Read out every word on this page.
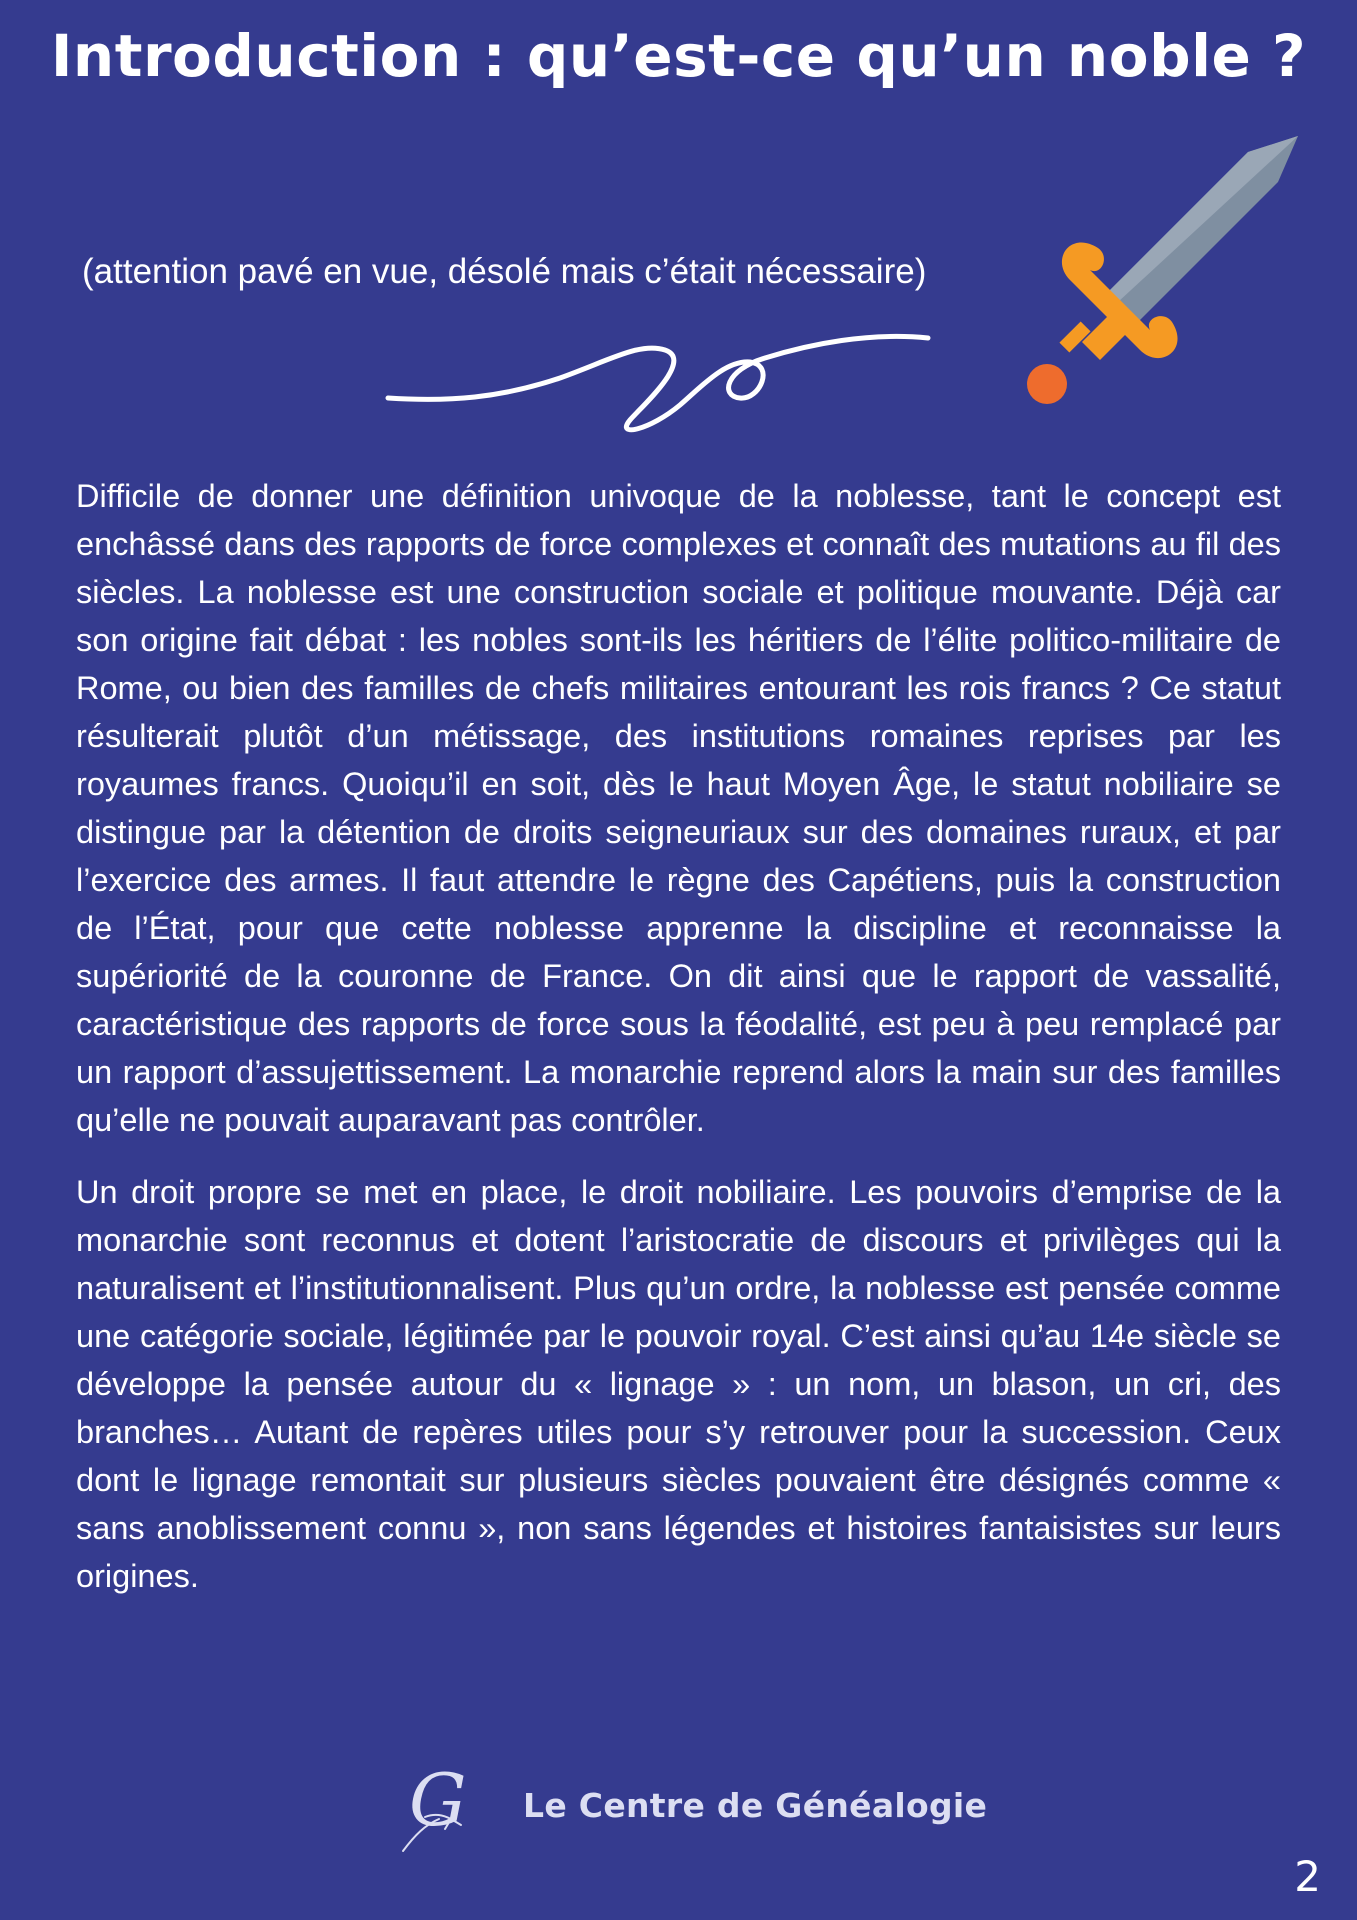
Introduction : qu’est-ce qu’un noble ?

(attention pavé en vue, désolé mais c’était nécessaire)

Difficile de donner une définition univoque de la noblesse, tant le concept est enchâssé dans des rapports de force complexes et connaît des mutations au fil des siècles. La noblesse est une construction sociale et politique mouvante. Déjà car son origine fait débat : les nobles sont-ils les héritiers de l’élite politico-militaire de Rome, ou bien des familles de chefs militaires entourant les rois francs ? Ce statut résulterait plutôt d’un métissage, des institutions romaines reprises par les royaumes francs. Quoiqu’il en soit, dès le haut Moyen Âge, le statut nobiliaire se distingue par la détention de droits seigneuriaux sur des domaines ruraux, et par l’exercice des armes. Il faut attendre le règne des Capétiens, puis la construction de l’État, pour que cette noblesse apprenne la discipline et reconnaisse la supériorité de la couronne de France. On dit ainsi que le rapport de vassalité, caractéristique des rapports de force sous la féodalité, est peu à peu remplacé par un rapport d’assujettissement. La monarchie reprend alors la main sur des familles qu’elle ne pouvait auparavant pas contrôler.

Un droit propre se met en place, le droit nobiliaire. Les pouvoirs d’emprise de la monarchie sont reconnus et dotent l’aristocratie de discours et privilèges qui la naturalisent et l’institutionnalisent. Plus qu’un ordre, la noblesse est pensée comme une catégorie sociale, légitimée par le pouvoir royal. C’est ainsi qu’au 14e siècle se développe la pensée autour du « lignage » : un nom, un blason, un cri, des branches… Autant de repères utiles pour s’y retrouver pour la succession. Ceux dont le lignage remontait sur plusieurs siècles pouvaient être désignés comme « sans anoblissement connu », non sans légendes et histoires fantaisistes sur leurs origines.

G Le Centre de Généalogie
2
